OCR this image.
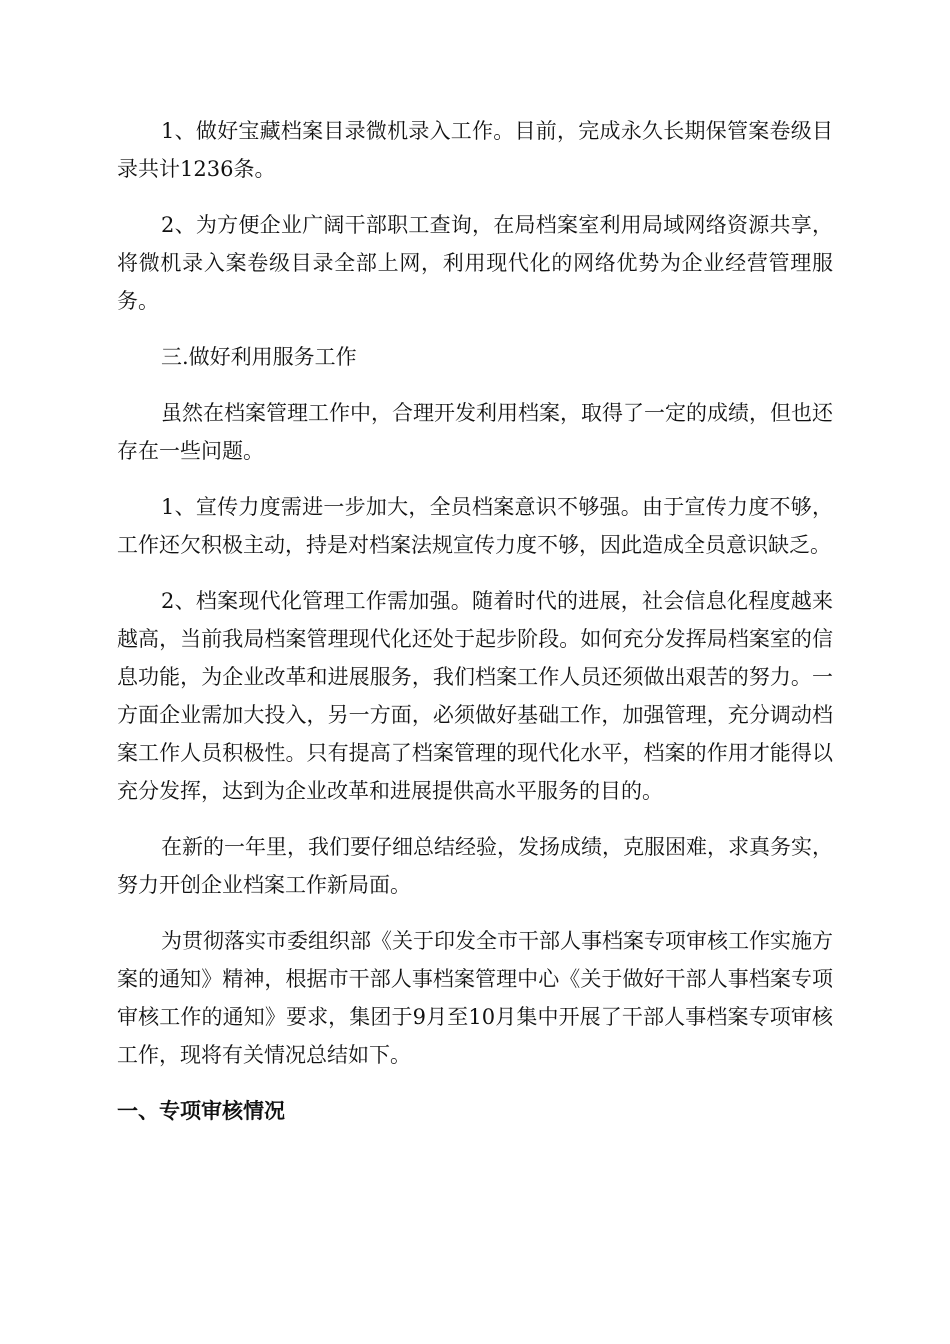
1、做好宝藏档案目录微机录入工作。目前，完成永久长期保管案卷级目录共计1236条。

2、为方便企业广阔干部职工查询，在局档案室利用局域网络资源共享，将微机录入案卷级目录全部上网，利用现代化的网络优势为企业经营管理服务。

三.做好利用服务工作

虽然在档案管理工作中，合理开发利用档案，取得了一定的成绩，但也还存在一些问题。

1、宣传力度需进一步加大，全员档案意识不够强。由于宣传力度不够，工作还欠积极主动，持是对档案法规宣传力度不够，因此造成全员意识缺乏。

2、档案现代化管理工作需加强。随着时代的进展，社会信息化程度越来越高，当前我局档案管理现代化还处于起步阶段。如何充分发挥局档案室的信息功能，为企业改革和进展服务，我们档案工作人员还须做出艰苦的努力。一方面企业需加大投入，另一方面，必须做好基础工作，加强管理，充分调动档案工作人员积极性。只有提高了档案管理的现代化水平，档案的作用才能得以充分发挥，达到为企业改革和进展提供高水平服务的目的。

在新的一年里，我们要仔细总结经验，发扬成绩，克服困难，求真务实，努力开创企业档案工作新局面。

为贯彻落实市委组织部《关于印发全市干部人事档案专项审核工作实施方案的通知》精神，根据市干部人事档案管理中心《关于做好干部人事档案专项审核工作的通知》要求，集团于9月至10月集中开展了干部人事档案专项审核工作，现将有关情况总结如下。

一、专项审核情况
